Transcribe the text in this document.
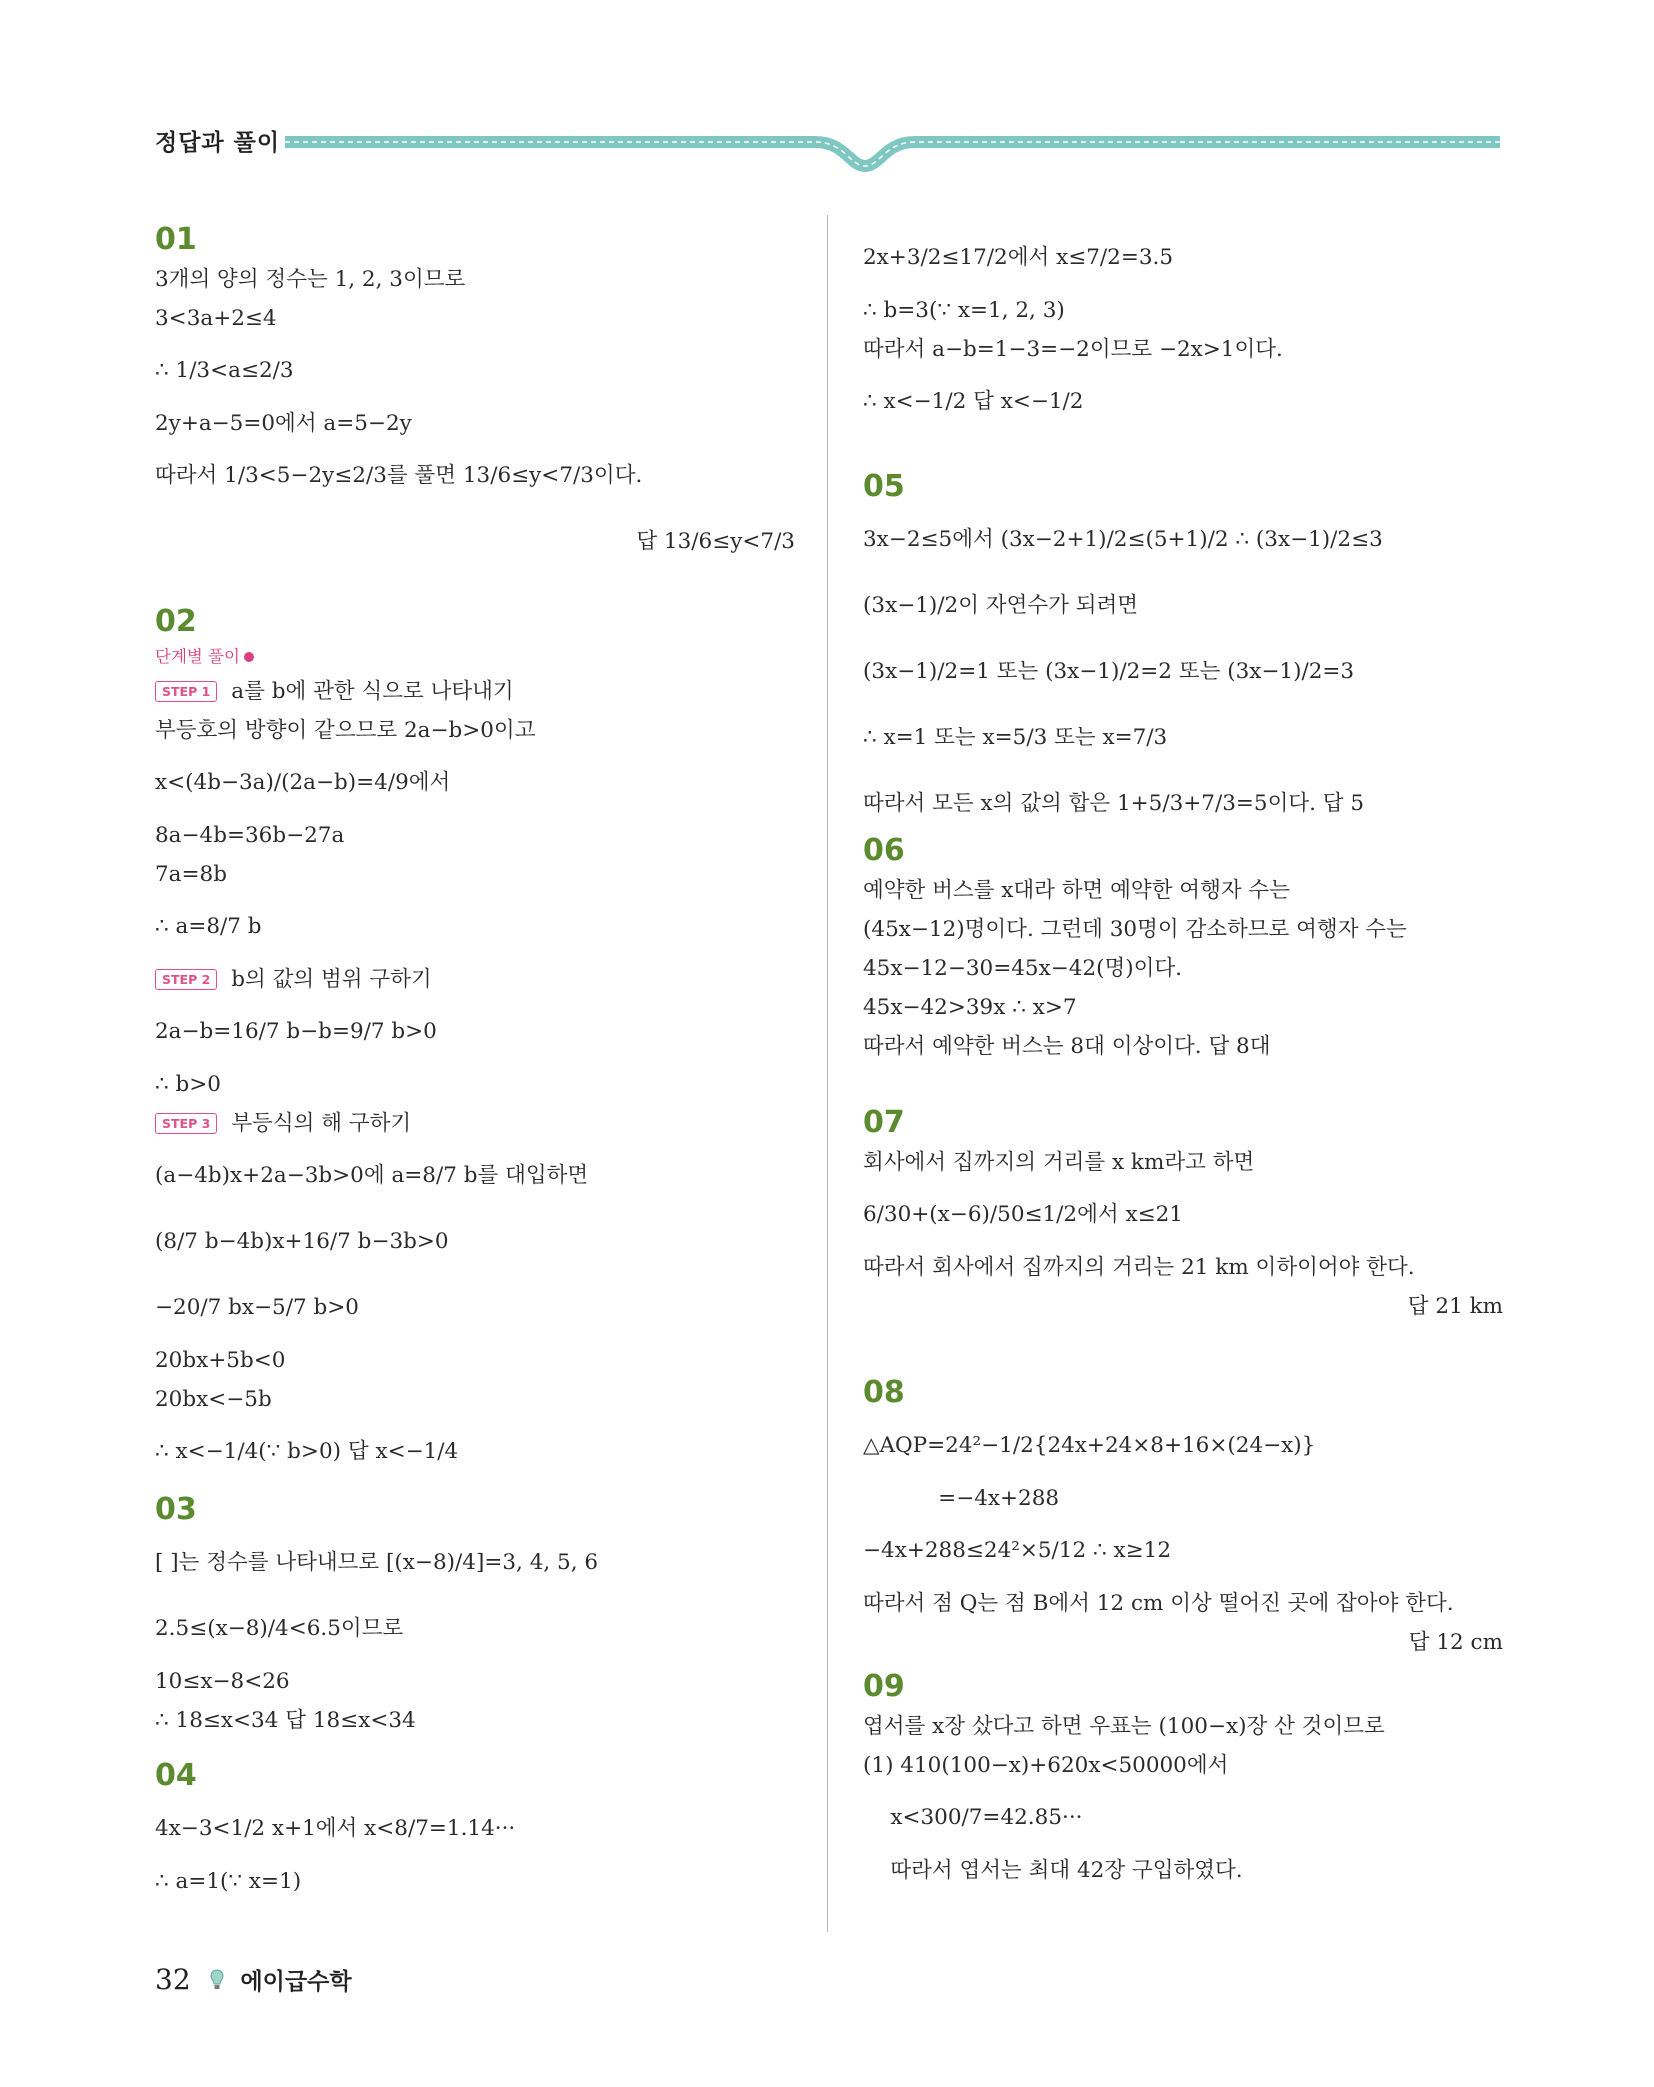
정답과 풀이
01
3개의 양의 정수는 1, 2, 3이므로
3<3a+2≤4
∴ 1/3<a≤2/3
2y+a−5=0에서 a=5−2y
따라서 1/3<5−2y≤2/3를 풀면 13/6≤y<7/3이다.
답 13/6≤y<7/3
02
단계별 풀이
STEP 1 a를 b에 관한 식으로 나타내기
부등호의 방향이 같으므로 2a−b>0이고
x<(4b−3a)/(2a−b)=4/9에서
8a−4b=36b−27a
7a=8b
∴ a=8/7 b
STEP 2 b의 값의 범위 구하기
2a−b=16/7 b−b=9/7 b>0
∴ b>0
STEP 3 부등식의 해 구하기
(a−4b)x+2a−3b>0에 a=8/7 b를 대입하면
(8/7 b−4b)x+16/7 b−3b>0
−20/7 bx−5/7 b>0
20bx+5b<0
20bx<−5b
∴ x<−1/4(∵ b>0) 답 x<−1/4
03
[ ]는 정수를 나타내므로 [(x−8)/4]=3, 4, 5, 6
2.5≤(x−8)/4<6.5이므로
10≤x−8<26
∴ 18≤x<34 답 18≤x<34
04
4x−3<1/2 x+1에서 x<8/7=1.14···
∴ a=1(∵ x=1)
2x+3/2≤17/2에서 x≤7/2=3.5
∴ b=3(∵ x=1, 2, 3)
따라서 a−b=1−3=−2이므로 −2x>1이다.
∴ x<−1/2 답 x<−1/2
05
3x−2≤5에서 (3x−2+1)/2≤(5+1)/2 ∴ (3x−1)/2≤3
(3x−1)/2이 자연수가 되려면
(3x−1)/2=1 또는 (3x−1)/2=2 또는 (3x−1)/2=3
∴ x=1 또는 x=5/3 또는 x=7/3
따라서 모든 x의 값의 합은 1+5/3+7/3=5이다. 답 5
06
예약한 버스를 x대라 하면 예약한 여행자 수는
(45x−12)명이다. 그런데 30명이 감소하므로 여행자 수는
45x−12−30=45x−42(명)이다.
45x−42>39x ∴ x>7
따라서 예약한 버스는 8대 이상이다. 답 8대
07
회사에서 집까지의 거리를 x km라고 하면
6/30+(x−6)/50≤1/2에서 x≤21
따라서 회사에서 집까지의 거리는 21 km 이하이어야 한다.
답 21 km
08
△AQP=24²−1/2{24x+24×8+16×(24−x)}
=−4x+288
−4x+288≤24²×5/12 ∴ x≥12
따라서 점 Q는 점 B에서 12 cm 이상 떨어진 곳에 잡아야 한다.
답 12 cm
09
엽서를 x장 샀다고 하면 우표는 (100−x)장 산 것이므로
(1) 410(100−x)+620x<50000에서
x<300/7=42.85···
따라서 엽서는 최대 42장 구입하였다.
32 에이급수학
